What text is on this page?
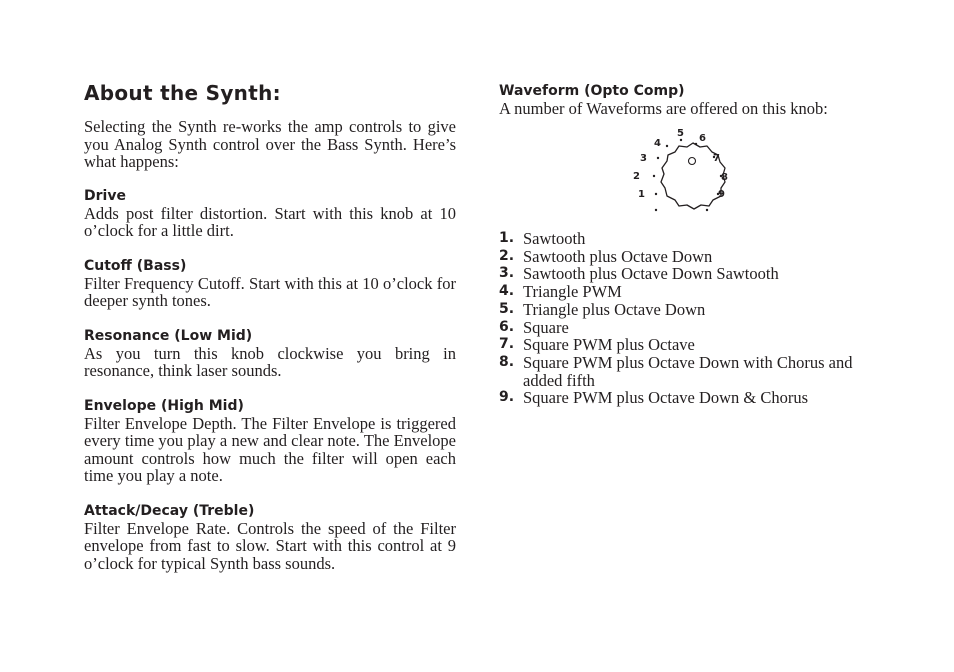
About the Synth:

Selecting the Synth re-works the amp controls to give you Analog Synth control over the Bass Synth. Here’s what happens:

Drive

Adds post filter distortion. Start with this knob at 10 o’clock for a little dirt.

Cutoff (Bass)

Filter Frequency Cutoff. Start with this at 10 o’clock for deeper synth tones.

Resonance (Low Mid)

As you turn this knob clockwise you bring in resonance, think laser sounds.

Envelope (High Mid)

Filter Envelope Depth. The Filter Envelope is triggered every time you play a new and clear note. The Envelope amount controls how much the filter will open each time you play a note.

Attack/Decay (Treble)

Filter Envelope Rate. Controls the speed of the Filter envelope from fast to slow. Start with this control at 9 o’clock for typical Synth bass sounds.

Waveform (Opto Comp)

A number of Waveforms are offered on this knob:

1
2
3
4
5 6
7
8
9
1. Sawtooth
2. Sawtooth plus Octave Down
3. Sawtooth plus Octave Down Sawtooth
4. Triangle PWM
5. Triangle plus Octave Down
6. Square
7. Square PWM plus Octave
8. Square PWM plus Octave Down with Chorus and added fifth
9. Square PWM plus Octave Down & Chorus
